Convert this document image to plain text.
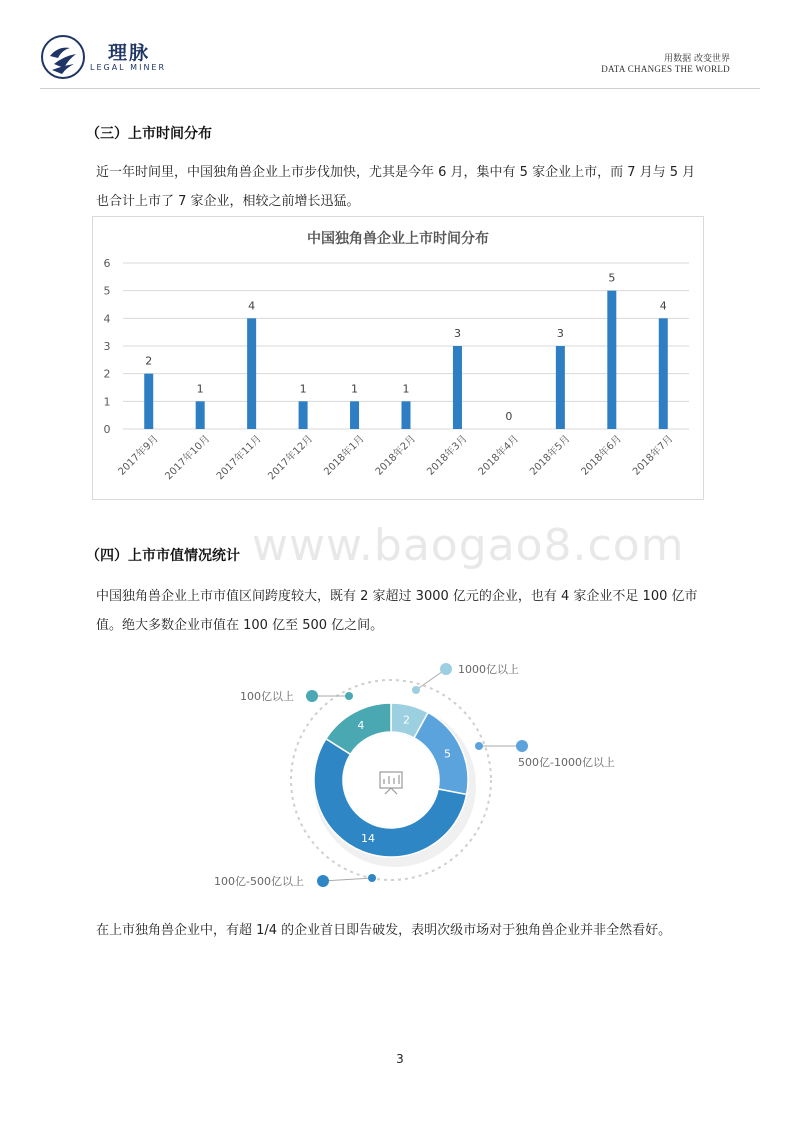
理脉
LEGAL MINER
用数据 改变世界
DATA CHANGES THE WORLD
（三）上市时间分布
近一年时间里，中国独角兽企业上市步伐加快，尤其是今年 6 月，集中有 5 家企业上市，而 7 月与 5 月
也合计上市了 7 家企业，相较之前增长迅猛。
中国独角兽企业上市时间分布
0
1
2
3
4
5
6
2
2017年9月
1
2017年10月
4
2017年11月
1
2017年12月
1
2018年1月
1
2018年2月
3
2018年3月
0
2018年4月
3
2018年5月
5
2018年6月
4
2018年7月
www.baogao8.com
（四）上市市值情况统计
中国独角兽企业上市市值区间跨度较大，既有 2 家超过 3000 亿元的企业，也有 4 家企业不足 100 亿市
值。绝大多数企业市值在 100 亿至 500 亿之间。
2
5
14
4
1000亿以上
500亿-1000亿以上
100亿-500亿以上
100亿以上
在上市独角兽企业中，有超 1/4 的企业首日即告破发，表明次级市场对于独角兽企业并非全然看好。
3
